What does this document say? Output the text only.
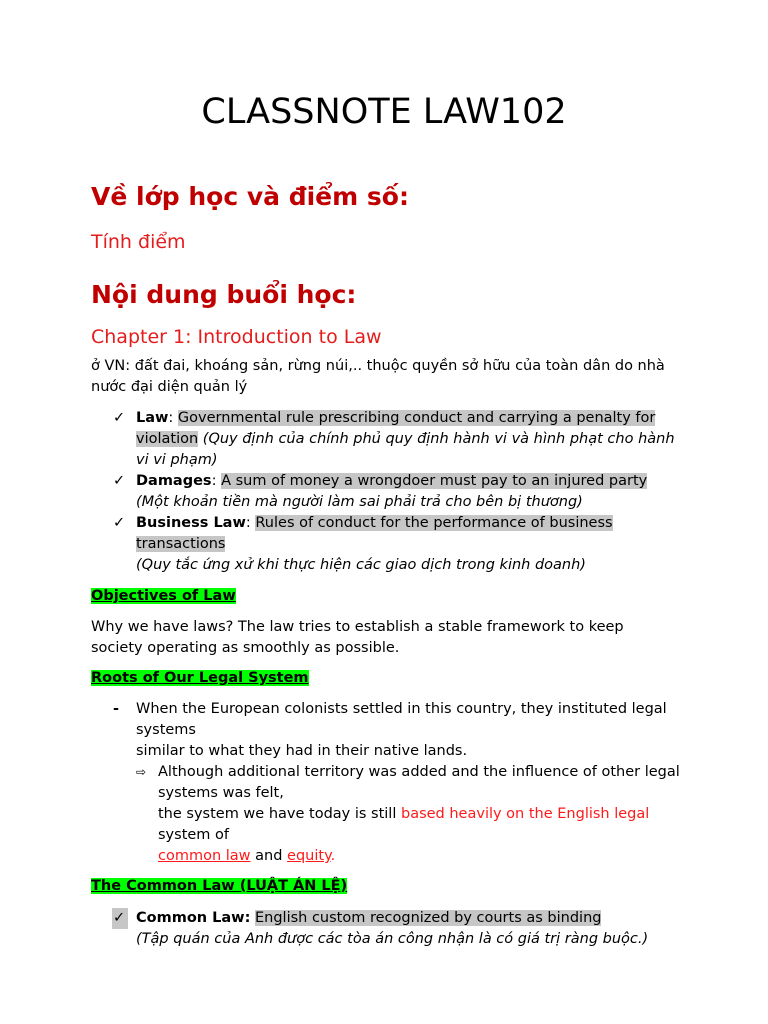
CLASSNOTE LAW102
Về lớp học và điểm số:
Tính điểm
Nội dung buổi học:
Chapter 1: Introduction to Law

ở VN: đất đai, khoáng sản, rừng núi,.. thuộc quyền sở hữu của toàn dân do nhà nước đại diện quản lý

✓ Law: Governmental rule prescribing conduct and carrying a penalty for violation (Quy định của chính phủ quy định hành vi và hình phạt cho hành vi vi phạm)

✓ Damages: A sum of money a wrongdoer must pay to an injured party
(Một khoản tiền mà người làm sai phải trả cho bên bị thương)

✓ Business Law: Rules of conduct for the performance of business transactions
(Quy tắc ứng xử khi thực hiện các giao dịch trong kinh doanh)

Objectives of Law

Why we have laws? The law tries to establish a stable framework to keep society operating as smoothly as possible.

Roots of Our Legal System

- When the European colonists settled in this country, they instituted legal systems
similar to what they had in their native lands.

⇨ Although additional territory was added and the influence of other legal systems was felt,
the system we have today is still based heavily on the English legal
system of
common law and equity.

The Common Law (LUẬT ÁN LỆ)

✓ Common Law: English custom recognized by courts as binding
(Tập quán của Anh được các tòa án công nhận là có giá trị ràng buộc.)
